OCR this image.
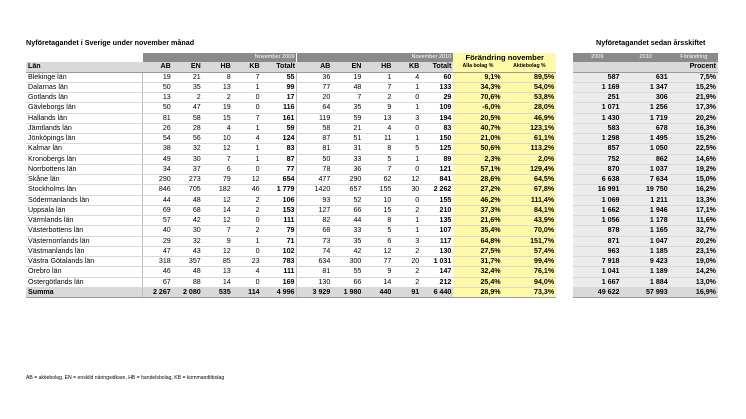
Nyföretagandet i Sverige under november månad	Nyföretagandet sedan årsskiftet
	November 2009					November 2010					Förändring november			2009	2010	Förändring
Län	AB	EN	HB	KB	Totalt	AB	EN	HB	KB	Totalt	Alla bolag %	Aktiebolag %				Procent
Blekinge län	19	21	8	7	55	36	19	1	4	60	9,1%	89,5%		587	631	7,5%
Dalarnas län	50	35	13	1	99	77	48	7	1	133	34,3%	54,0%		1 169	1 347	15,2%
Gotlands län	13	2	2	0	17	20	7	2	0	29	70,6%	53,8%		251	306	21,9%
Gävleborgs län	50	47	19	0	116	64	35	9	1	109	-6,0%	28,0%		1 071	1 256	17,3%
Hallands län	81	58	15	7	161	119	59	13	3	194	20,5%	46,9%		1 430	1 719	20,2%
Jämtlands län	26	28	4	1	59	58	21	4	0	83	40,7%	123,1%		583	678	16,3%
Jönköpings län	54	56	10	4	124	87	51	11	1	150	21,0%	61,1%		1 298	1 495	15,2%
Kalmar län	38	32	12	1	83	81	31	8	5	125	50,6%	113,2%		857	1 050	22,5%
Kronobergs län	49	30	7	1	87	50	33	5	1	89	2,3%	2,0%		752	862	14,6%
Norrbottens län	34	37	6	0	77	78	36	7	0	121	57,1%	129,4%		870	1 037	19,2%
Skåne län	290	273	79	12	654	477	290	62	12	841	28,6%	64,5%		6 638	7 634	15,0%
Stockholms län	846	705	182	46	1 779	1420	657	155	30	2 262	27,2%	67,8%		16 991	19 750	16,2%
Södermanlands län	44	48	12	2	106	93	52	10	0	155	46,2%	111,4%		1 069	1 211	13,3%
Uppsala län	69	68	14	2	153	127	66	15	2	210	37,3%	84,1%		1 662	1 946	17,1%
Värmlands län	57	42	12	0	111	82	44	8	1	135	21,6%	43,9%		1 056	1 178	11,6%
Västerbottens län	40	30	7	2	79	68	33	5	1	107	35,4%	70,0%		878	1 165	32,7%
Västernorrlands län	29	32	9	1	71	73	35	6	3	117	64,8%	151,7%		871	1 047	20,2%
Västmanlands län	47	43	12	0	102	74	42	12	2	130	27,5%	57,4%		963	1 185	23,1%
Västra Götalands län	318	357	85	23	783	634	300	77	20	1 031	31,7%	99,4%		7 918	9 423	19,0%
Örebro län	46	48	13	4	111	81	55	9	2	147	32,4%	76,1%		1 041	1 189	14,2%
Östergötlands län	67	88	14	0	169	130	66	14	2	212	25,4%	94,0%		1 667	1 884	13,0%
Summa	2 267	2 080	535	114	4 996	3 929	1 980	440	91	6 440	28,9%	73,3%		49 622	57 993	16,9%
AB = aktiebolag, EN = enskild näringsidkare, HB = handelsbolag, KB = kommanditbolag
